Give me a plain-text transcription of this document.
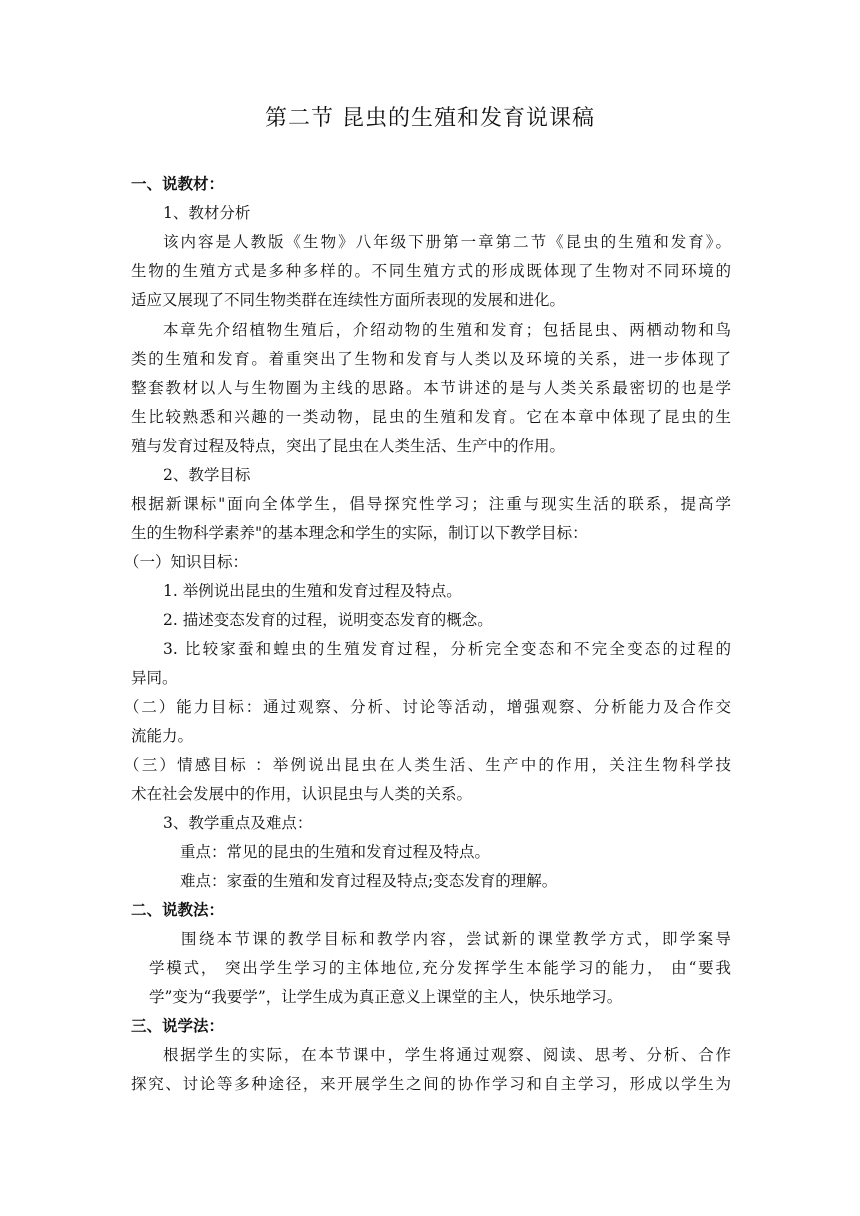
第二节 昆虫的生殖和发育说课稿
一、说教材：
1、教材分析
该内容是人教版《生物》八年级下册第一章第二节《昆虫的生殖和发育》。
生物的生殖方式是多种多样的。不同生殖方式的形成既体现了生物对不同环境的
适应又展现了不同生物类群在连续性方面所表现的发展和进化。
本章先介绍植物生殖后，介绍动物的生殖和发育；包括昆虫、两栖动物和鸟
类的生殖和发育。着重突出了生物和发育与人类以及环境的关系，进一步体现了
整套教材以人与生物圈为主线的思路。本节讲述的是与人类关系最密切的也是学
生比较熟悉和兴趣的一类动物，昆虫的生殖和发育。它在本章中体现了昆虫的生
殖与发育过程及特点，突出了昆虫在人类生活、生产中的作用。
2、教学目标
根据新课标"面向全体学生，倡导探究性学习；注重与现实生活的联系，提高学
生的生物科学素养"的基本理念和学生的实际，制订以下教学目标：
（一）知识目标：
1. 举例说出昆虫的生殖和发育过程及特点。
2. 描述变态发育的过程，说明变态发育的概念。
3. 比较家蚕和蝗虫的生殖发育过程，分析完全变态和不完全变态的过程的
异同。
（二）能力目标：通过观察、分析、讨论等活动，增强观察、分析能力及合作交
流能力。
（三）情感目标 ：举例说出昆虫在人类生活、生产中的作用，关注生物科学技
术在社会发展中的作用，认识昆虫与人类的关系。
3、教学重点及难点：
重点：常见的昆虫的生殖和发育过程及特点。
难点：家蚕的生殖和发育过程及特点;变态发育的理解。
二、说教法：
围绕本节课的教学目标和教学内容，尝试新的课堂教学方式，即学案导
学模式， 突出学生学习的主体地位,充分发挥学生本能学习的能力， 由“要我
学”变为“我要学”，让学生成为真正意义上课堂的主人，快乐地学习。
三、说学法：
根据学生的实际，在本节课中，学生将通过观察、阅读、思考、分析、合作
探究、讨论等多种途径，来开展学生之间的协作学习和自主学习，形成以学生为
